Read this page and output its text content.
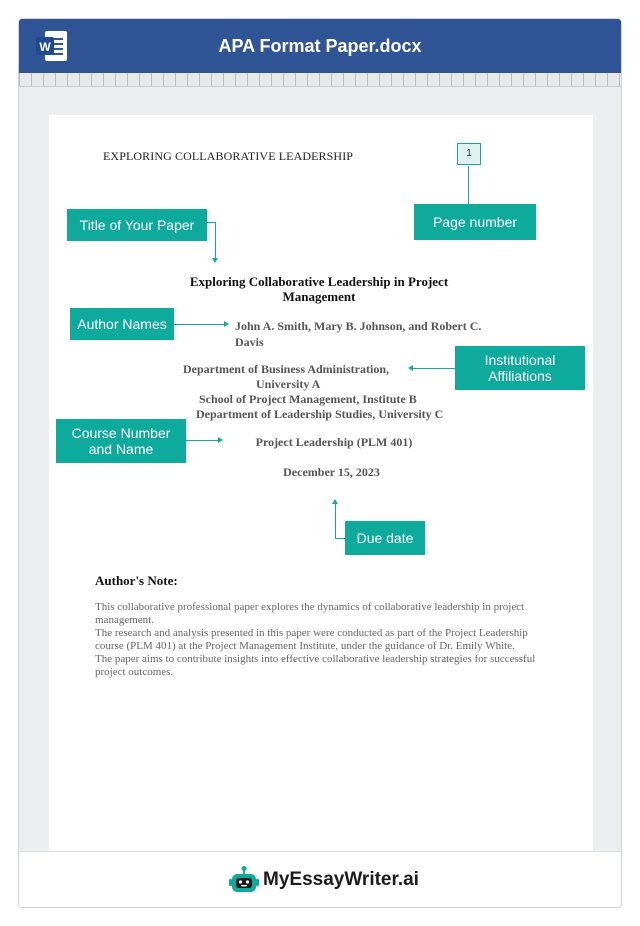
W	APA Format Paper.docx
EXPLORING COLLABORATIVE LEADERSHIP	1
Page number
Title of Your Paper
Exploring Collaborative Leadership in Project
Management
Author Names	John A. Smith, Mary B. Johnson, and Robert C.
Davis
Department of Business Administration,
University A
School of Project Management, Institute B
Department of Leadership Studies, University C
Institutional
Affiliations
Course Number
and Name	Project Leadership (PLM 401)
December 15, 2023
Due date
Author's Note:

This collaborative professional paper explores the dynamics of collaborative leadership in project management.

The research and analysis presented in this paper were conducted as part of the Project Leadership course (PLM 401) at the Project Management Institute, under the guidance of Dr. Emily White.

The paper aims to contribute insights into effective collaborative leadership strategies for successful project outcomes.

MyEssayWriter.ai
